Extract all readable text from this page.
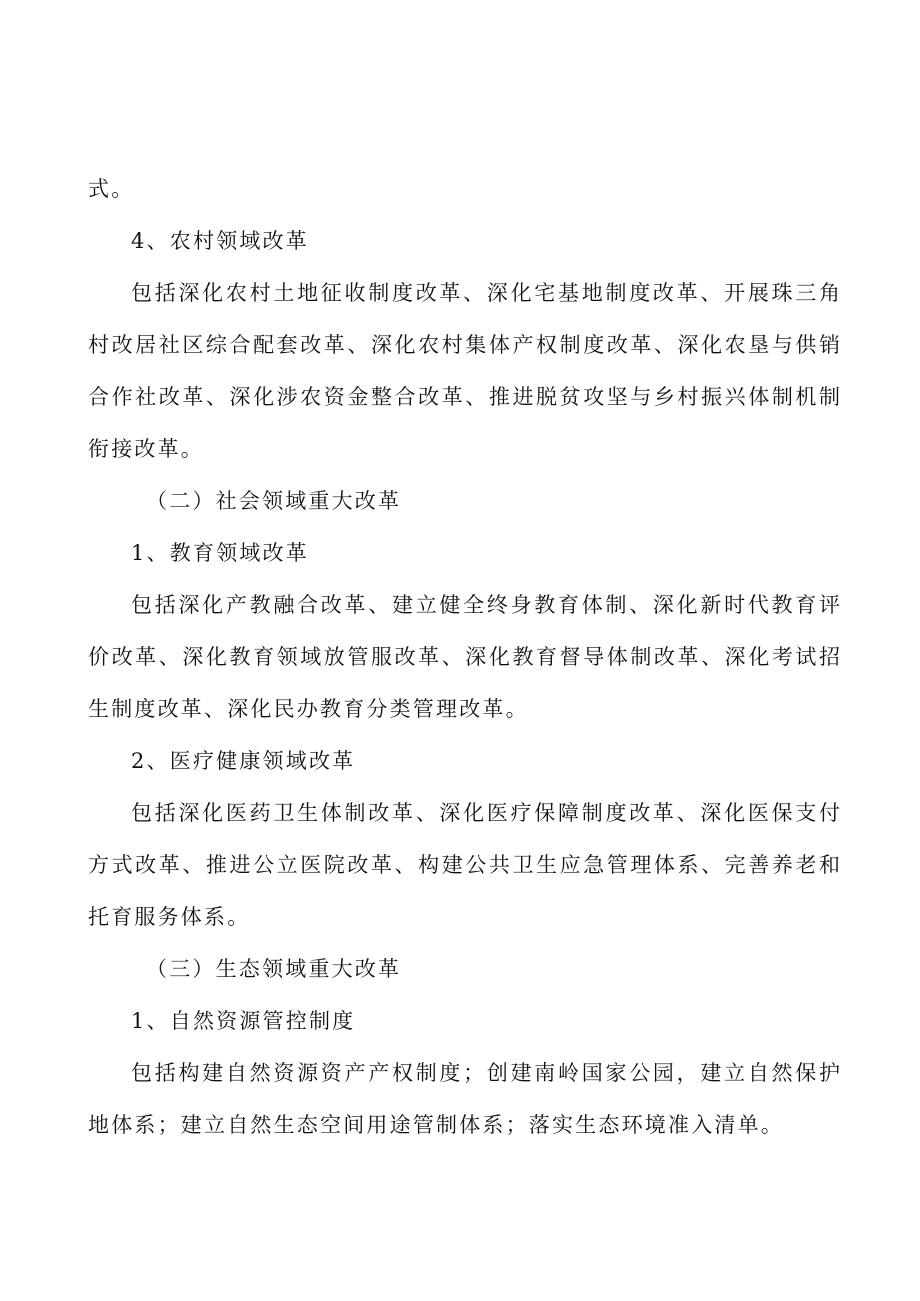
式。

4、农村领域改革

包括深化农村土地征收制度改革、深化宅基地制度改革、开展珠三角

村改居社区综合配套改革、深化农村集体产权制度改革、深化农垦与供销

合作社改革、深化涉农资金整合改革、推进脱贫攻坚与乡村振兴体制机制

衔接改革。

（二）社会领域重大改革

1、教育领域改革

包括深化产教融合改革、建立健全终身教育体制、深化新时代教育评

价改革、深化教育领域放管服改革、深化教育督导体制改革、深化考试招

生制度改革、深化民办教育分类管理改革。

2、医疗健康领域改革

包括深化医药卫生体制改革、深化医疗保障制度改革、深化医保支付

方式改革、推进公立医院改革、构建公共卫生应急管理体系、完善养老和

托育服务体系。

（三）生态领域重大改革

1、自然资源管控制度

包括构建自然资源资产产权制度；创建南岭国家公园，建立自然保护

地体系；建立自然生态空间用途管制体系；落实生态环境准入清单。
